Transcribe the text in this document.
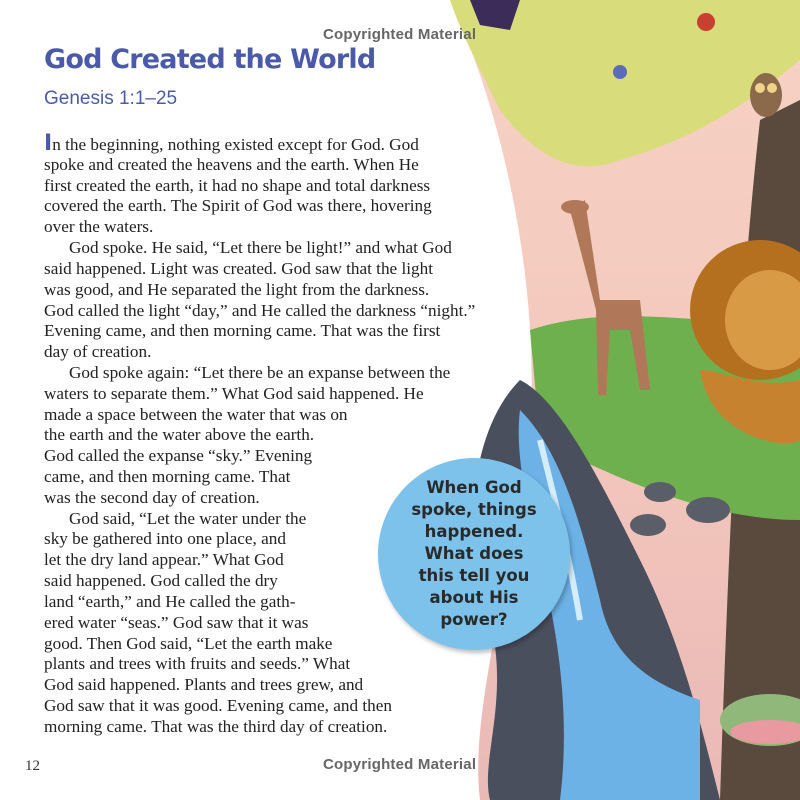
Copyrighted Material
God Created the World
Genesis 1:1–25
In the beginning, nothing existed except for God. God
spoke and created the heavens and the earth. When He
first created the earth, it had no shape and total darkness
covered the earth. The Spirit of God was there, hovering
over the waters.
God spoke. He said, “Let there be light!” and what God
said happened. Light was created. God saw that the light
was good, and He separated the light from the darkness.
God called the light “day,” and He called the darkness “night.”
Evening came, and then morning came. That was the first
day of creation.
God spoke again: “Let there be an expanse between the
waters to separate them.” What God said happened. He
made a space between the water that was on
the earth and the water above the earth.
God called the expanse “sky.” Evening
came, and then morning came. That
was the second day of creation.
God said, “Let the water under the
sky be gathered into one place, and
let the dry land appear.” What God
said happened. God called the dry
land “earth,” and He called the gath-
ered water “seas.” God saw that it was
good. Then God said, “Let the earth make
plants and trees with fruits and seeds.” What
God said happened. Plants and trees grew, and
God saw that it was good. Evening came, and then
morning came. That was the third day of creation.
When God spoke, things happened. What does this tell you about His power?
12	Copyrighted Material
